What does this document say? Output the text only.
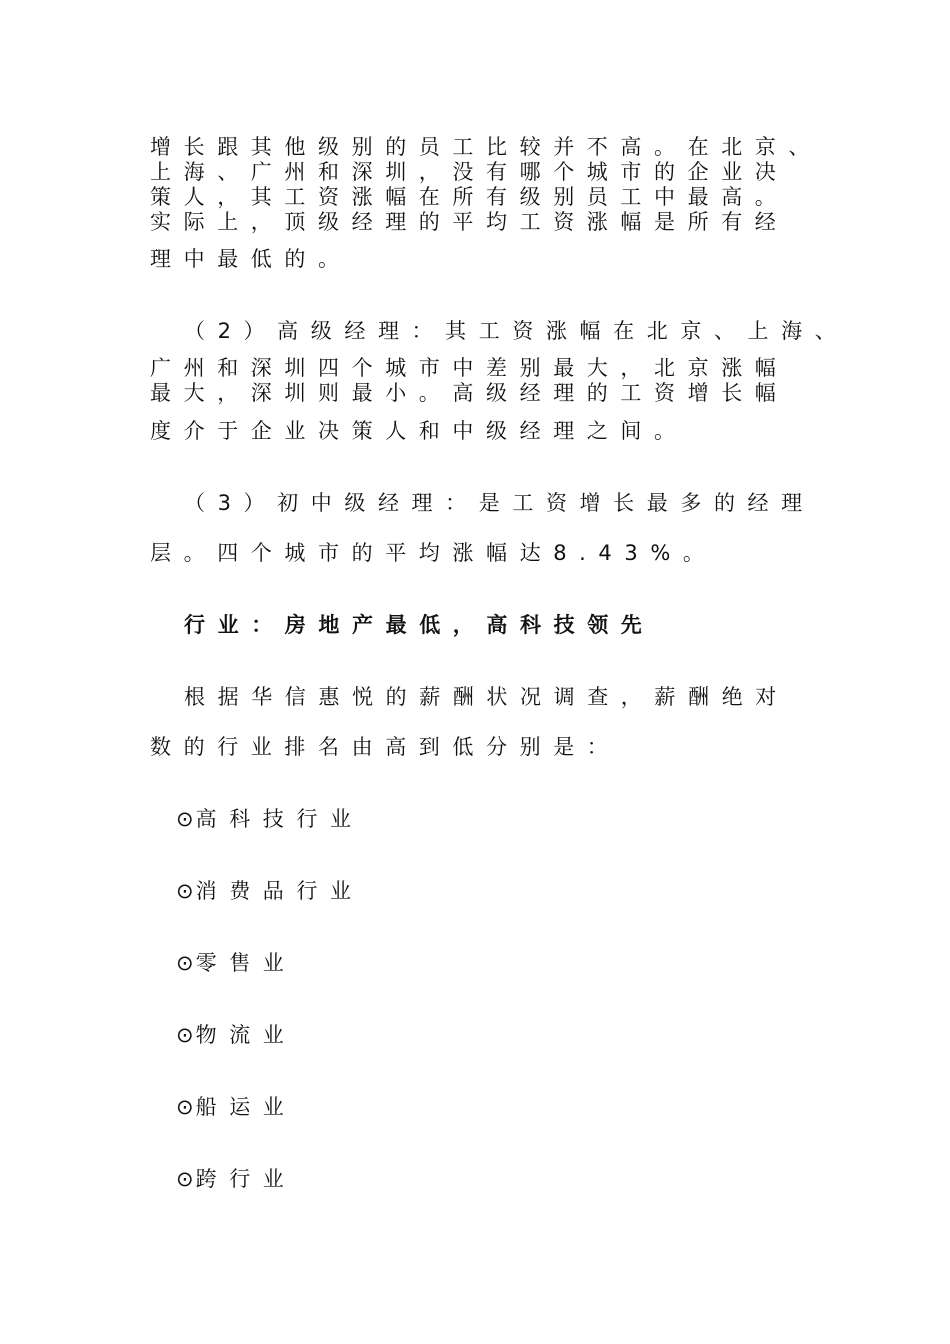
增长跟其他级别的员工比较并不高。在北京、

上海、广州和深圳，没有哪个城市的企业决

策人，其工资涨幅在所有级别员工中最高。

实际上，顶级经理的平均工资涨幅是所有经

理中最低的。

（2）高级经理：其工资涨幅在北京、上海、

广州和深圳四个城市中差别最大，北京涨幅

最大，深圳则最小。高级经理的工资增长幅

度介于企业决策人和中级经理之间。

（3）初中级经理：是工资增长最多的经理

层。四个城市的平均涨幅达8.43%。

行业：房地产最低，高科技领先

根据华信惠悦的薪酬状况调查，薪酬绝对

数的行业排名由高到低分别是：

⊙高科技行业

⊙消费品行业

⊙零售业

⊙物流业

⊙船运业

⊙跨行业
